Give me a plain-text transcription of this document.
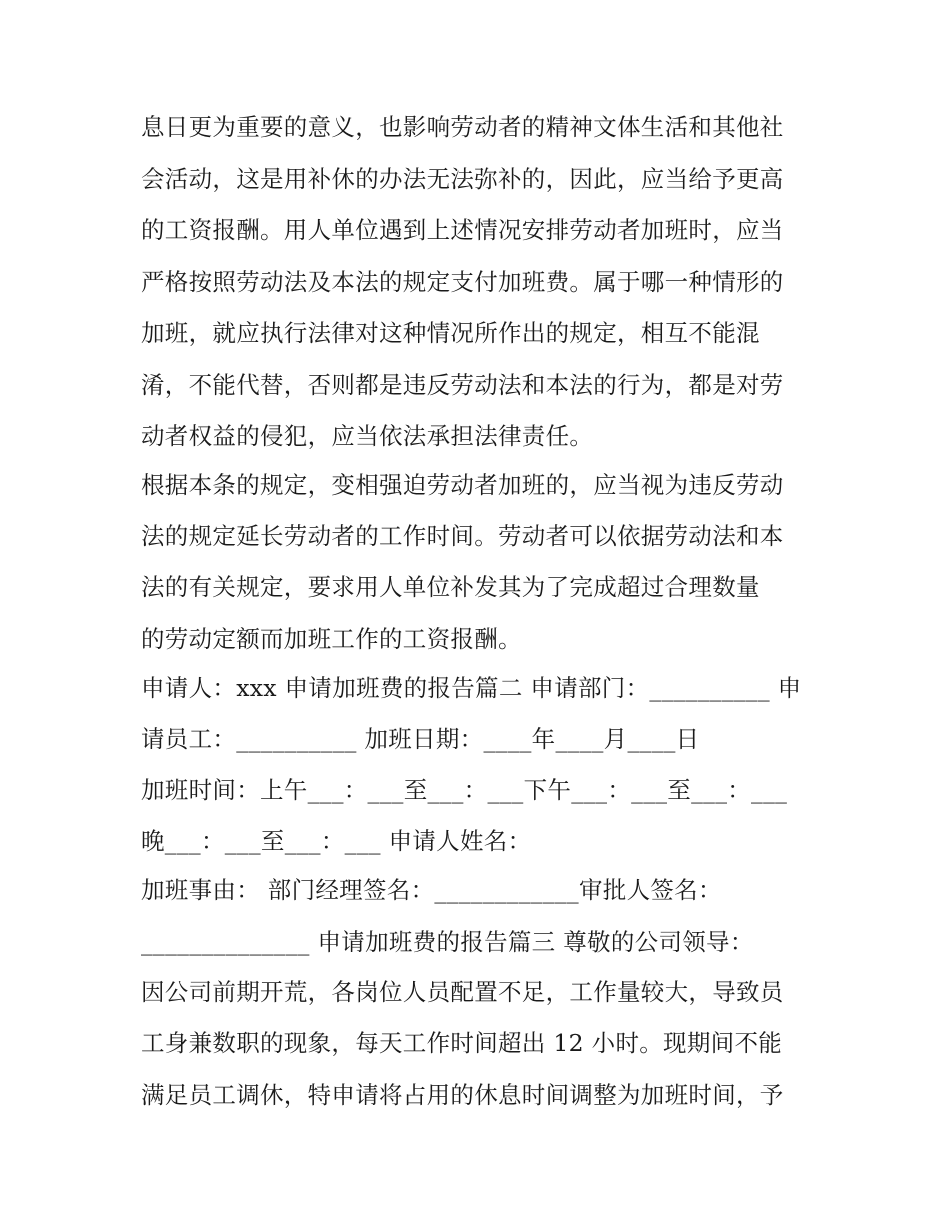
息日更为重要的意义，也影响劳动者的精神文体生活和其他社
会活动，这是用补休的办法无法弥补的，因此，应当给予更高
的工资报酬。用人单位遇到上述情况安排劳动者加班时，应当
严格按照劳动法及本法的规定支付加班费。属于哪一种情形的
加班，就应执行法律对这种情况所作出的规定，相互不能混
淆，不能代替，否则都是违反劳动法和本法的行为，都是对劳
动者权益的侵犯，应当依法承担法律责任。
根据本条的规定，变相强迫劳动者加班的，应当视为违反劳动
法的规定延长劳动者的工作时间。劳动者可以依据劳动法和本
法的有关规定，要求用人单位补发其为了完成超过合理数量
的劳动定额而加班工作的工资报酬。
申请人：xxx 申请加班费的报告篇二 申请部门：__________ 申
请员工：__________ 加班日期：____年____月____日
加班时间：上午___：___至___：___下午___：___至___：___
晚___：___至___：___ 申请人姓名：
加班事由： 部门经理签名：____________审批人签名：
______________ 申请加班费的报告篇三 尊敬的公司领导：
因公司前期开荒，各岗位人员配置不足，工作量较大，导致员
工身兼数职的现象，每天工作时间超出 12 小时。现期间不能
满足员工调休，特申请将占用的休息时间调整为加班时间，予
